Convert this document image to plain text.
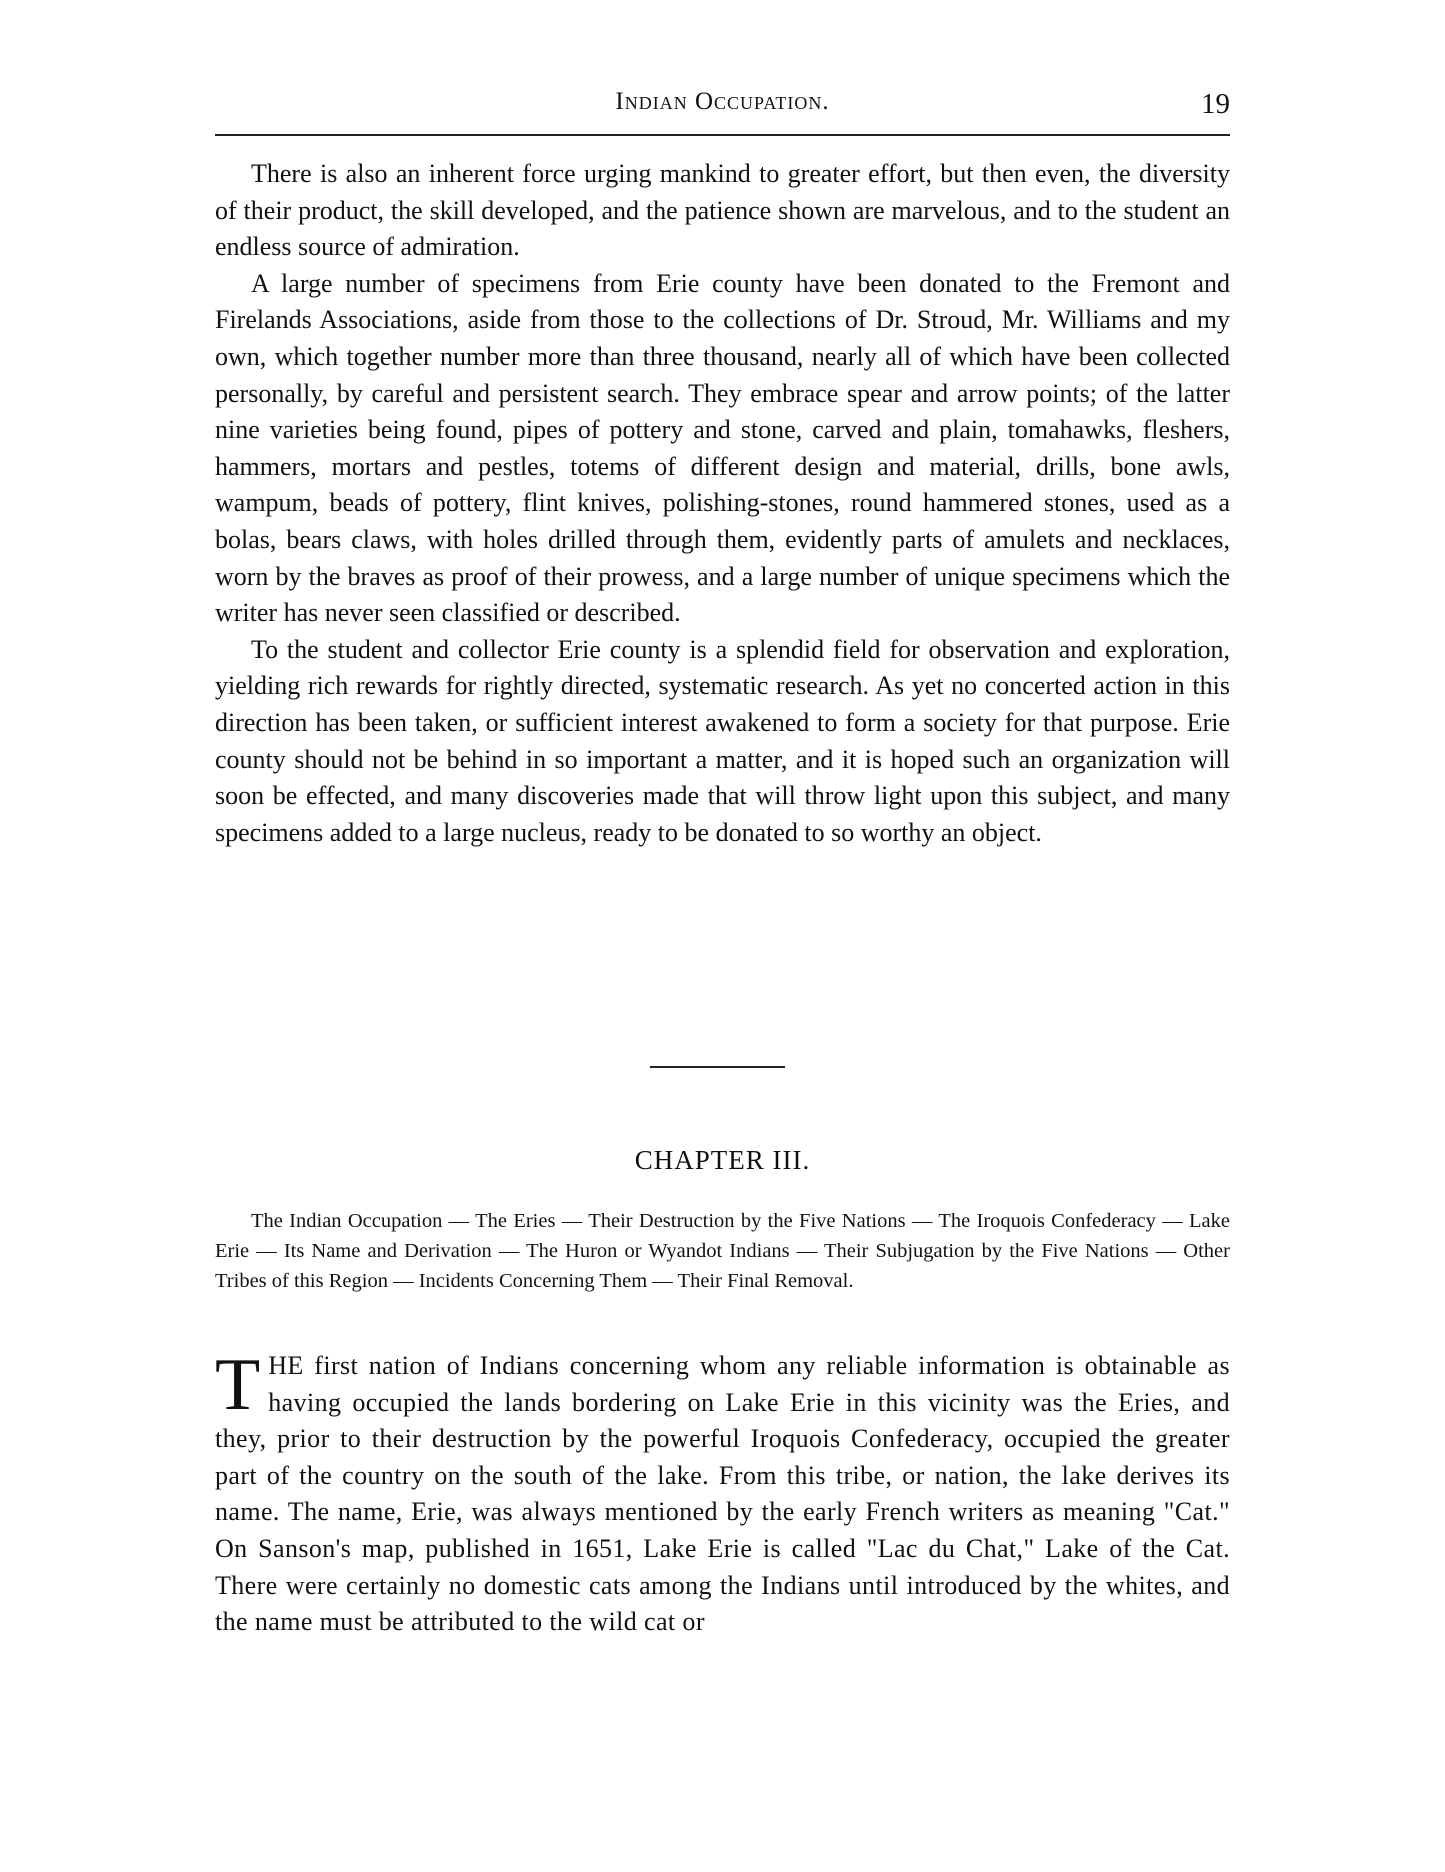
Indian Occupation.	19

There is also an inherent force urging mankind to greater effort, but then even, the diversity of their product, the skill developed, and the patience shown are marvelous, and to the student an endless source of admiration.

A large number of specimens from Erie county have been donated to the Fremont and Firelands Associations, aside from those to the collections of Dr. Stroud, Mr. Williams and my own, which together number more than three thousand, nearly all of which have been collected personally, by careful and persistent search. They embrace spear and arrow points; of the latter nine varieties being found, pipes of pottery and stone, carved and plain, tomahawks, fleshers, hammers, mortars and pestles, totems of different design and material, drills, bone awls, wampum, beads of pottery, flint knives, polishing-stones, round hammered stones, used as a bolas, bears claws, with holes drilled through them, evidently parts of amulets and necklaces, worn by the braves as proof of their prowess, and a large number of unique specimens which the writer has never seen classified or described.

To the student and collector Erie county is a splendid field for observation and exploration, yielding rich rewards for rightly directed, systematic research. As yet no concerted action in this direction has been taken, or sufficient interest awakened to form a society for that purpose. Erie county should not be behind in so important a matter, and it is hoped such an organization will soon be effected, and many discoveries made that will throw light upon this subject, and many specimens added to a large nucleus, ready to be donated to so worthy an object.

CHAPTER III.

The Indian Occupation — The Eries — Their Destruction by the Five Nations — The Iroquois Confederacy — Lake Erie — Its Name and Derivation — The Huron or Wyandot Indians — Their Subjugation by the Five Nations — Other Tribes of this Region — Incidents Concerning Them — Their Final Removal.

THE first nation of Indians concerning whom any reliable information is obtainable as having occupied the lands bordering on Lake Erie in this vicinity was the Eries, and they, prior to their destruction by the powerful Iroquois Confederacy, occupied the greater part of the country on the south of the lake. From this tribe, or nation, the lake derives its name. The name, Erie, was always mentioned by the early French writers as meaning "Cat." On Sanson's map, published in 1651, Lake Erie is called "Lac du Chat," Lake of the Cat. There were certainly no domestic cats among the Indians until introduced by the whites, and the name must be attributed to the wild cat or
